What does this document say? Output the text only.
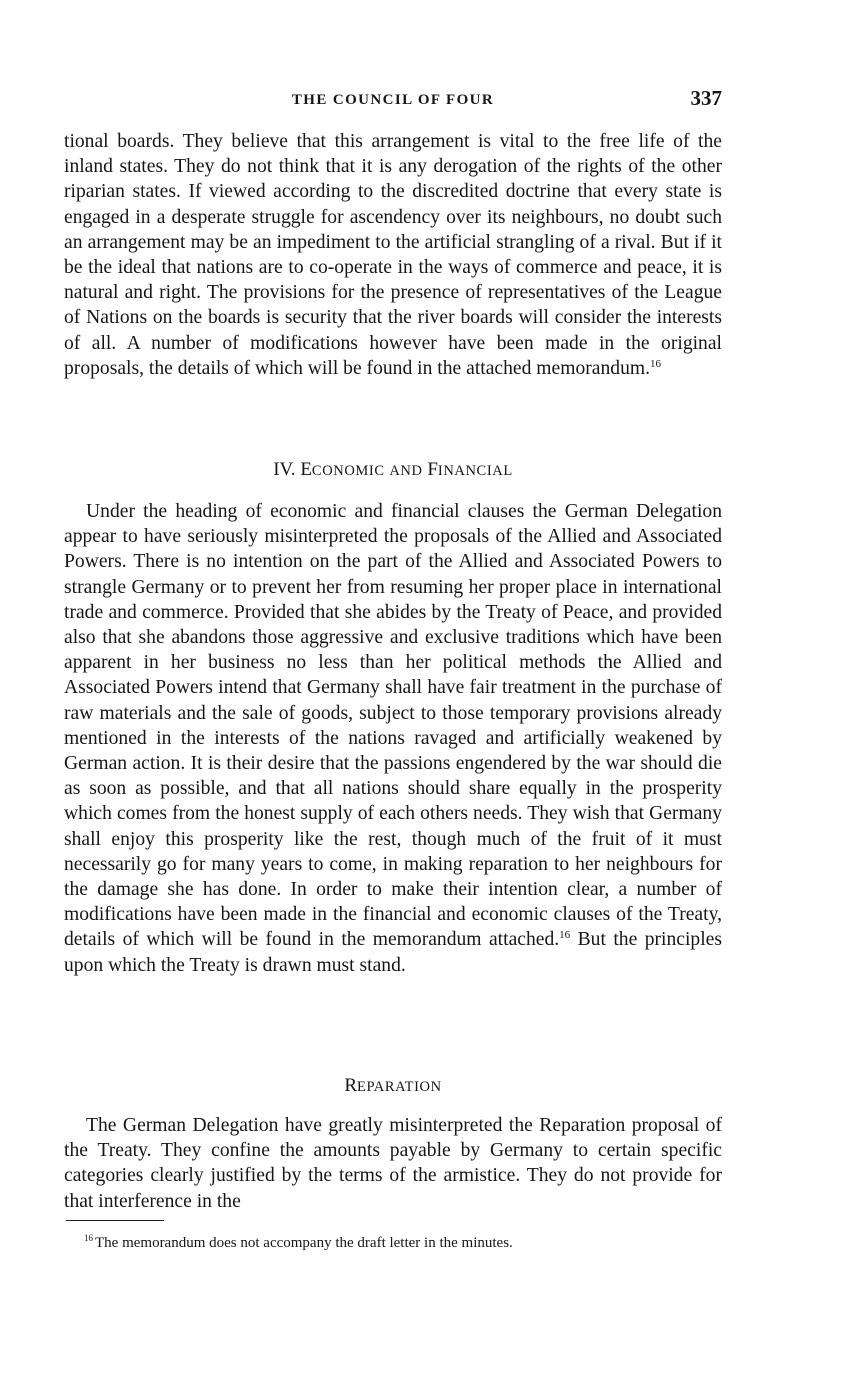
THE COUNCIL OF FOUR	337

tional boards. They believe that this arrangement is vital to the free life of the inland states. They do not think that it is any derogation of the rights of the other riparian states. If viewed according to the discredited doctrine that every state is engaged in a desperate struggle for ascendency over its neighbours, no doubt such an arrangement may be an impediment to the artificial strangling of a rival. But if it be the ideal that nations are to co-operate in the ways of commerce and peace, it is natural and right. The provisions for the presence of representatives of the League of Nations on the boards is security that the river boards will consider the interests of all. A number of modifications however have been made in the original proposals, the details of which will be found in the attached memorandum.$^{16}$

IV. ECONOMIC AND FINANCIAL

Under the heading of economic and financial clauses the German Delegation appear to have seriously misinterpreted the proposals of the Allied and Associated Powers. There is no intention on the part of the Allied and Associated Powers to strangle Germany or to prevent her from resuming her proper place in international trade and commerce. Provided that she abides by the Treaty of Peace, and provided also that she abandons those aggressive and exclusive traditions which have been apparent in her business no less than her political methods the Allied and Associated Powers intend that Germany shall have fair treatment in the purchase of raw materials and the sale of goods, subject to those temporary provisions already mentioned in the interests of the nations ravaged and artificially weakened by German action. It is their desire that the passions engendered by the war should die as soon as possible, and that all nations should share equally in the prosperity which comes from the honest supply of each others needs. They wish that Germany shall enjoy this prosperity like the rest, though much of the fruit of it must necessarily go for many years to come, in making reparation to her neighbours for the damage she has done. In order to make their intention clear, a number of modifications have been made in the financial and economic clauses of the Treaty, details of which will be found in the memorandum attached.$^{16}$ But the principles upon which the Treaty is drawn must stand.

REPARATION

The German Delegation have greatly misinterpreted the Reparation proposal of the Treaty. They confine the amounts payable by Germany to certain specific categories clearly justified by the terms of the armistice. They do not provide for that interference in the

$^{16}$ The memorandum does not accompany the draft letter in the minutes.
